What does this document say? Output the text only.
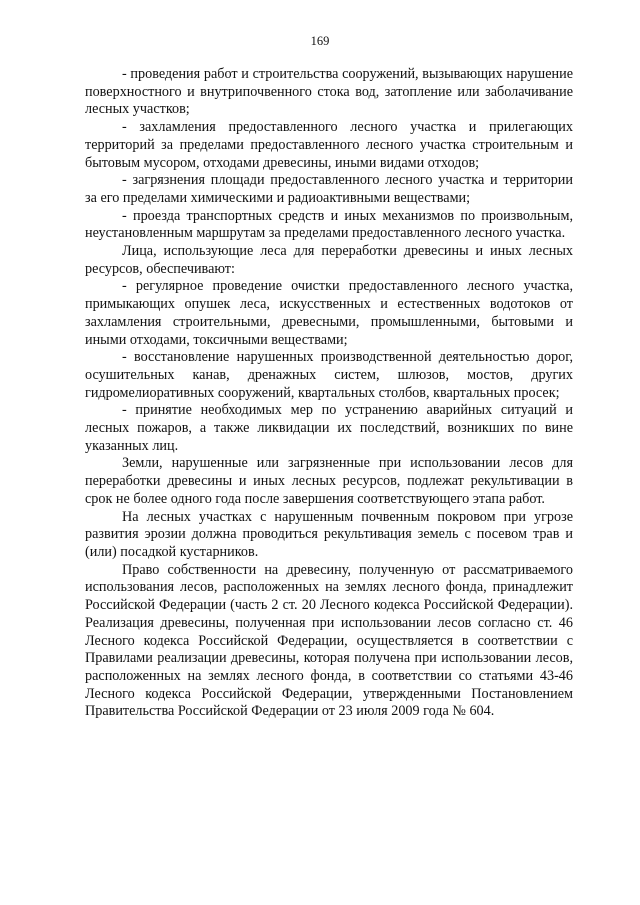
169

- проведения работ и строительства сооружений, вызывающих нарушение поверхностного и внутрипочвенного стока вод, затопление или заболачивание лесных участков;

- захламления предоставленного лесного участка и прилегающих территорий за пределами предоставленного лесного участка строительным и бытовым мусором, отходами древесины, иными видами отходов;

- загрязнения площади предоставленного лесного участка и территории за его пределами химическими и радиоактивными веществами;

- проезда транспортных средств и иных механизмов по произвольным, неустановленным маршрутам за пределами предоставленного лесного участка.

Лица, использующие леса для переработки древесины и иных лесных ресурсов, обеспечивают:

- регулярное проведение очистки предоставленного лесного участка, примыкающих опушек леса, искусственных и естественных водотоков от захламления строительными, древесными, промышленными, бытовыми и иными отходами, токсичными веществами;

- восстановление нарушенных производственной деятельностью дорог, осушительных канав, дренажных систем, шлюзов, мостов, других гидромелиоративных сооружений, квартальных столбов, квартальных просек;

- принятие необходимых мер по устранению аварийных ситуаций и лесных пожаров, а также ликвидации их последствий, возникших по вине указанных лиц.

Земли, нарушенные или загрязненные при использовании лесов для переработки древесины и иных лесных ресурсов, подлежат рекультивации в срок не более одного года после завершения соответствующего этапа работ.

На лесных участках с нарушенным почвенным покровом при угрозе развития эрозии должна проводиться рекультивация земель с посевом трав и (или) посадкой кустарников.

Право собственности на древесину, полученную от рассматриваемого использования лесов, расположенных на землях лесного фонда, принадлежит Российской Федерации (часть 2 ст. 20 Лесного кодекса Российской Федерации). Реализация древесины, полученная при использовании лесов согласно ст. 46 Лесного кодекса Российской Федерации, осуществляется в соответствии с Правилами реализации древесины, которая получена при использовании лесов, расположенных на землях лесного фонда, в соответствии со статьями 43-46 Лесного кодекса Российской Федерации, утвержденными Постановлением Правительства Российской Федерации от 23 июля 2009 года № 604.
